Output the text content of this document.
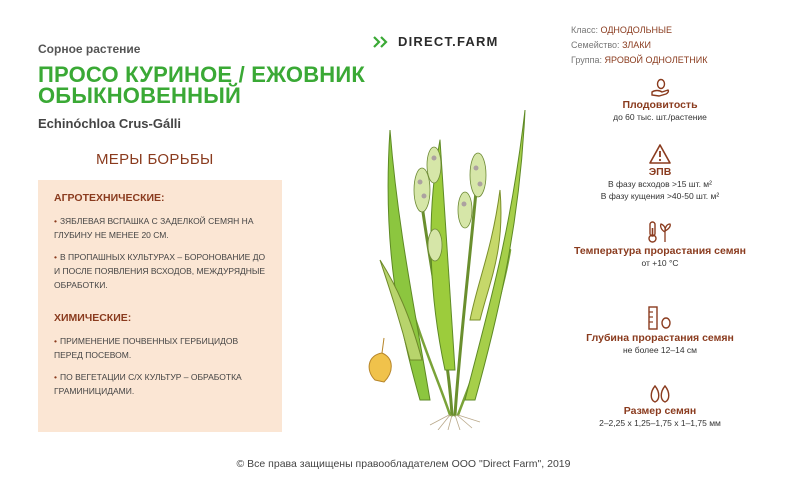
Сорное растение
ПРОСО КУРИНОЕ / ЕЖОВНИК ОБЫКНОВЕННЫЙ
Echinóchloa Crus-Gálli
МЕРЫ БОРЬБЫ
АГРОТЕХНИЧЕСКИЕ:
• ЗЯБЛЕВАЯ ВСПАШКА С ЗАДЕЛКОЙ СЕМЯН НА ГЛУБИНУ НЕ МЕНЕЕ 20 СМ.
• В ПРОПАШНЫХ КУЛЬТУРАХ – БОРОНОВАНИЕ ДО И ПОСЛЕ ПОЯВЛЕНИЯ ВСХОДОВ, МЕЖДУРЯДНЫЕ ОБРАБОТКИ.
ХИМИЧЕСКИЕ:
• ПРИМЕНЕНИЕ ПОЧВЕННЫХ ГЕРБИЦИДОВ ПЕРЕД ПОСЕВОМ.
• ПО ВЕГЕТАЦИИ С/Х КУЛЬТУР – ОБРАБОТКА ГРАМИНИЦИДАМИ.
DIRECT.FARM
Класс: ОДНОДОЛЬНЫЕ
Семейство: ЗЛАКИ
Группа: ЯРОВОЙ ОДНОЛЕТНИК
Плодовитость
до 60 тыс. шт./растение
ЭПВ
В фазу всходов >15 шт. м²
В фазу кущения >40-50 шт. м²
Температура прорастания семян
от +10 °С
Глубина прорастания семян
не более 12–14 см
Размер семян
2–2,25 х 1,25–1,75 х 1–1,75 мм
© Все права защищены правообладателем ООО "Direct Farm", 2019
